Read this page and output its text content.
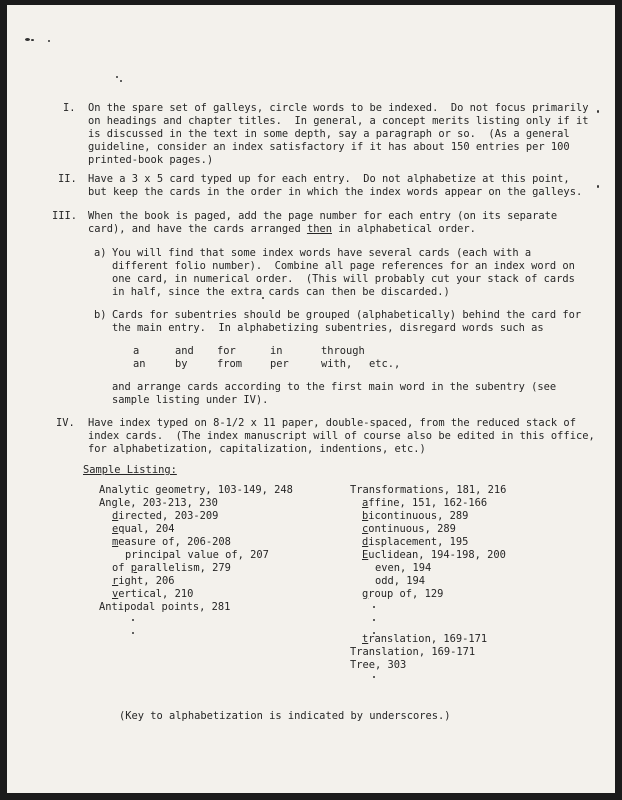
I. On the spare set of galleys, circle words to be indexed.  Do not focus primarily
on headings and chapter titles.  In general, a concept merits listing only if it
is discussed in the text in some depth, say a paragraph or so.  (As a general
guideline, consider an index satisfactory if it has about 150 entries per 100
printed-book pages.)
II. Have a 3 x 5 card typed up for each entry.  Do not alphabetize at this point,
but keep the cards in the order in which the index words appear on the galleys.
III. When the book is paged, add the page number for each entry (on its separate
card), and have the cards arranged then in alphabetical order.
a) You will find that some index words have several cards (each with a
different folio number).  Combine all page references for an index word on
one card, in numerical order.  (This will probably cut your stack of cards
in half, since the extra cards can then be discarded.)
b) Cards for subentries should be grouped (alphabetically) behind the card for
the main entry.  In alphabetizing subentries, disregard words such as
a	and for	in	through
an	by	from	per	with, etc.,
and arrange cards according to the first main word in the subentry (see
sample listing under IV).
IV. Have index typed on 8-1/2 x 11 paper, double-spaced, from the reduced stack of
index cards.  (The index manuscript will of course also be edited in this office,
for alphabetization, capitalization, indentions, etc.)
Sample Listing:
Analytic geometry, 103-149, 248
Angle, 203-213, 230
directed, 203-209
equal, 204
measure of, 206-208
principal value of, 207
of parallelism, 279
right, 206
vertical, 210
Antipodal points, 281
Transformations, 181, 216
affine, 151, 162-166
bicontinuous, 289
continuous, 289
displacement, 195
Euclidean, 194-198, 200
even, 194
odd, 194
group of, 129
translation, 169-171
Translation, 169-171
Tree, 303
(Key to alphabetization is indicated by underscores.)
